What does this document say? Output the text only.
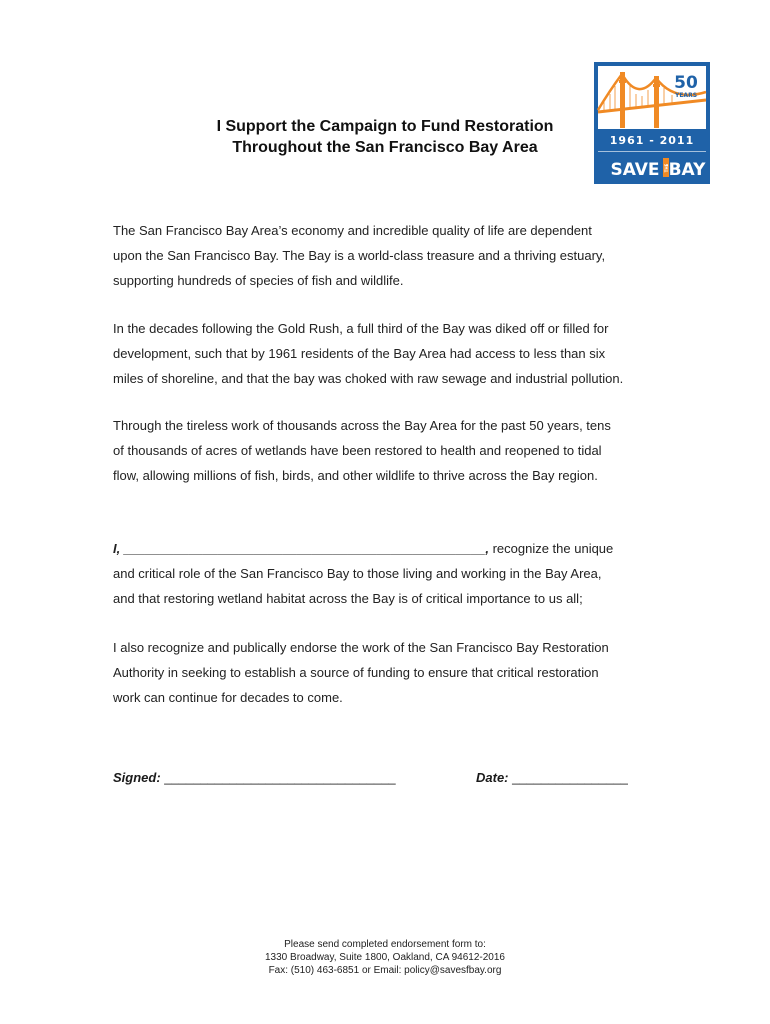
I Support the Campaign to Fund Restoration
Throughout the San Francisco Bay Area
50
YEARS
1961 - 2011
SAVE THE BAY
The San Francisco Bay Area’s economy and incredible quality of life are dependent
upon the San Francisco Bay. The Bay is a world-class treasure and a thriving estuary,
supporting hundreds of species of fish and wildlife.
In the decades following the Gold Rush, a full third of the Bay was diked off or filled for
development, such that by 1961 residents of the Bay Area had access to less than six
miles of shoreline, and that the bay was choked with raw sewage and industrial pollution.
Through the tireless work of thousands across the Bay Area for the past 50 years, tens
of thousands of acres of wetlands have been restored to health and reopened to tidal
flow, allowing millions of fish, birds, and other wildlife to thrive across the Bay region.
I, __________________________________________________, recognize the unique
and critical role of the San Francisco Bay to those living and working in the Bay Area,
and that restoring wetland habitat across the Bay is of critical importance to us all;
I also recognize and publically endorse the work of the San Francisco Bay Restoration
Authority in seeking to establish a source of funding to ensure that critical restoration
work can continue for decades to come.
Signed: ________________________________	Date: ________________
Please send completed endorsement form to:
1330 Broadway, Suite 1800, Oakland, CA 94612-2016
Fax: (510) 463-6851 or Email: policy@savesfbay.org
